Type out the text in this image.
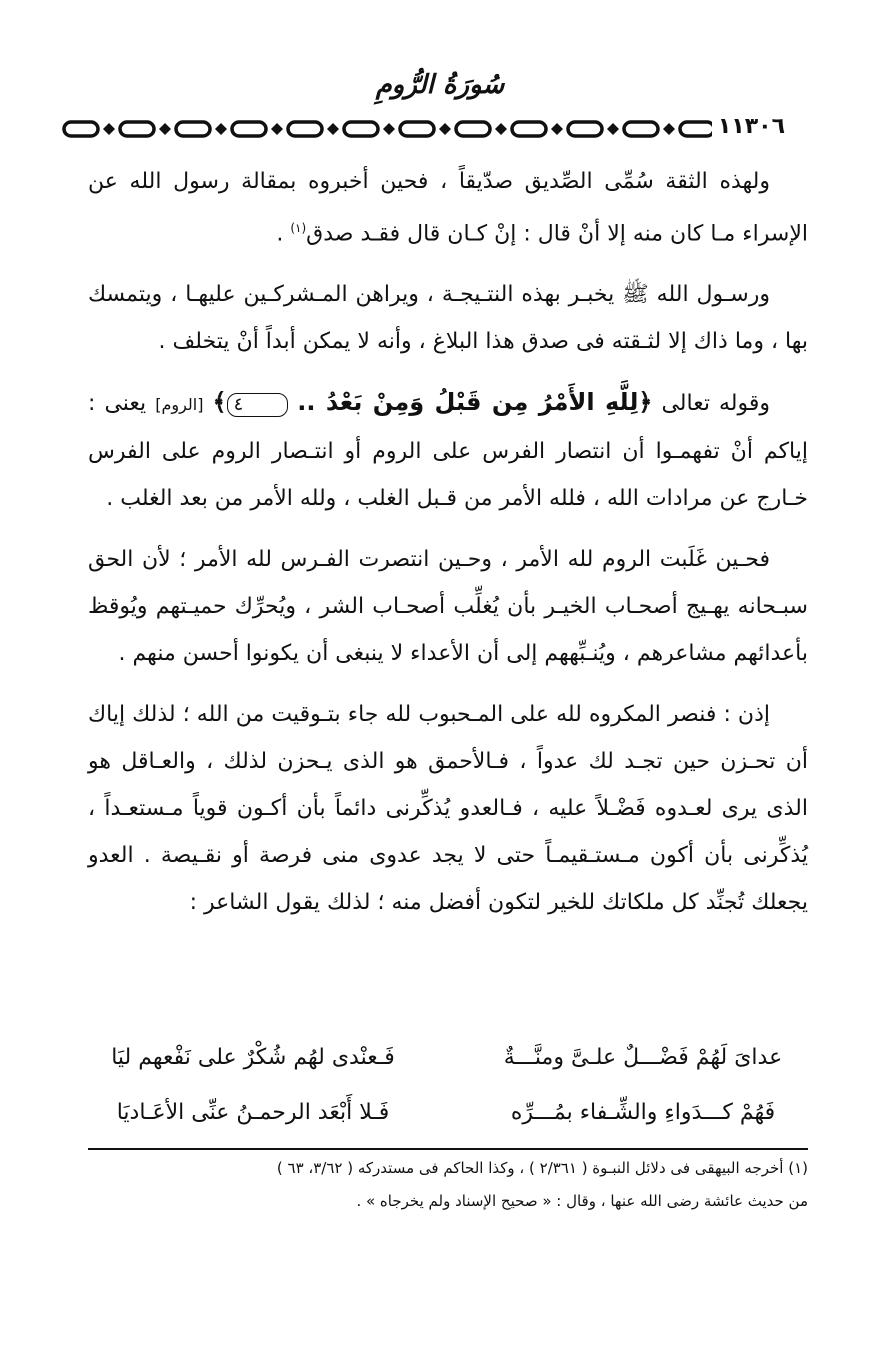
سُورَةُ الرُّومِ
١١٣٠٦

ولهذه الثقة سُمِّى الصِّديق صدّيقاً ، فحين أخبروه بمقالة رسول الله عن الإسراء مـا كان منه إلا أنْ قال : إنْ كـان قال فقـد صدق$^{(١)}$ .

ورسـول الله ﷺ يخبـر بهذه النتـيجـة ، ويراهن المـشركـين عليهـا ، ويتمسك بها ، وما ذاك إلا لثـقته فى صدق هذا البلاغ ، وأنه لا يمكن أبداً أنْ يتخلف .

وقوله تعالى ﴿لِلَّهِ الأَمْرُ مِن قَبْلُ وَمِنْ بَعْدُ .. ٤﴾ [الروم] يعنى : إياكم أنْ تفهمـوا أن انتصار الفرس على الروم أو انتـصار الروم على الفرس خـارج عن مرادات الله ، فلله الأمر من قـبل الغلب ، ولله الأمر من بعد الغلب .

فحـين غَلَبت الروم لله الأمر ، وحـين انتصرت الفـرس لله الأمر ؛ لأن الحق سبـحانه يهـيج أصحـاب الخيـر بأن يُغلِّب أصحـاب الشر ، ويُحرِّك حميـتهم ويُوقظ بأعدائهم مشاعرهم ، ويُنـبِّههم إلى أن الأعداء لا ينبغى أن يكونوا أحسن منهم .

إذن : فنصر المكروه لله على المـحبوب لله جاء بتـوقيت من الله ؛ لذلك إياك أن تحـزن حين تجـد لك عدواً ، فـالأحمق هو الذى يـحزن لذلك ، والعـاقل هو الذى يرى لعـدوه فَضْـلاً عليه ، فـالعدو يُذكِّرنى دائماً بأن أكـون قوياً مـستعـداً ، يُذكِّرنى بأن أكون مـستـقيمـاً حتى لا يجد عدوى منى فرصة أو نقـيصة . العدو يجعلك تُجنِّد كل ملكاتك للخير لتكون أفضل منه ؛ لذلك يقول الشاعر :

عداىَ لَهُمْ فَضْـــلٌ علـىَّ ومنَّـــةٌ
فَـعنْدى لهُم شُكْرٌ على نَفْعهم ليَا
فَهُمْ كـــدَواءِ والشِّـفاء بمُـــرِّه
فَـلا أَبْعَد الرحمـنُ عنِّى الأعَـاديَا

(١) أخرجه البيهقى فى دلائل النبـوة ( ٢/٣٦١ ) ، وكذا الحاكم فى مستدركه ( ٣/٦٢، ٦٣ )

من حديث عائشة رضى الله عنها ، وقال : « صحيح الإسناد ولم يخرجاه » .
